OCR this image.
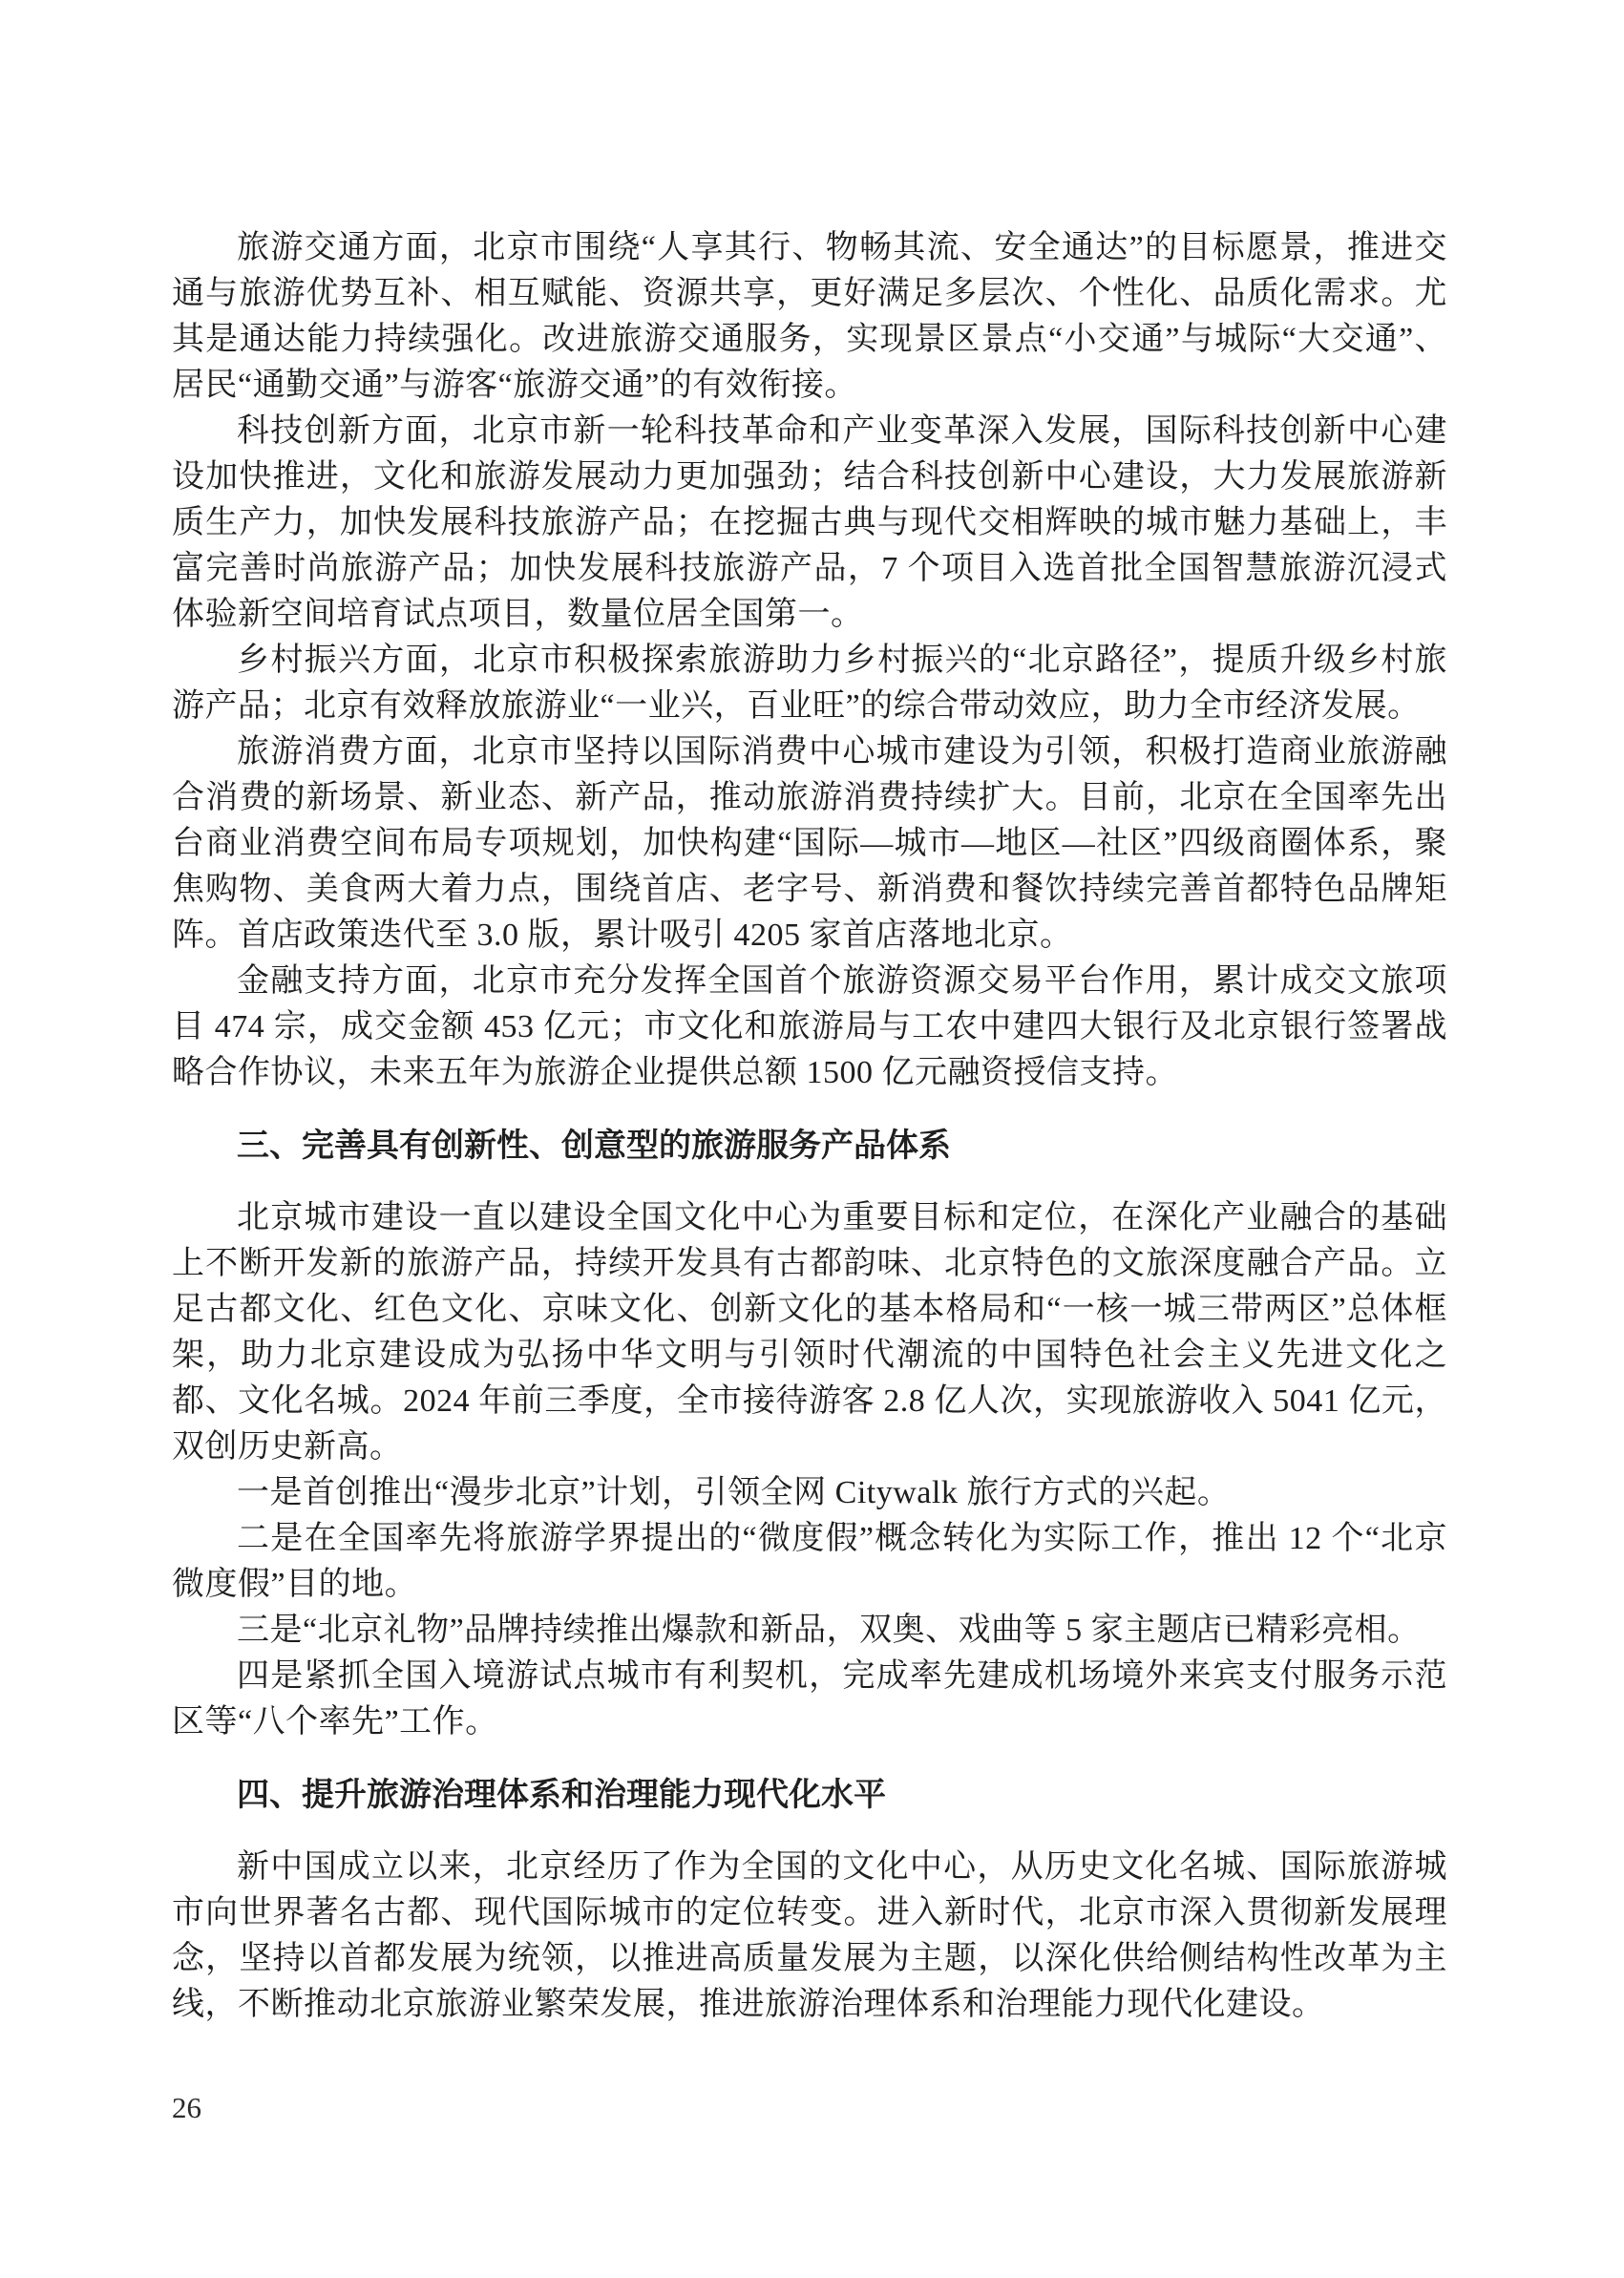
旅游交通方面，北京市围绕“人享其行、物畅其流、安全通达”的目标愿景，推进交通与旅游优势互补、相互赋能、资源共享，更好满足多层次、个性化、品质化需求。尤其是通达能力持续强化。改进旅游交通服务，实现景区景点“小交通”与城际“大交通”、居民“通勤交通”与游客“旅游交通”的有效衔接。

科技创新方面，北京市新一轮科技革命和产业变革深入发展，国际科技创新中心建设加快推进，文化和旅游发展动力更加强劲；结合科技创新中心建设，大力发展旅游新质生产力，加快发展科技旅游产品；在挖掘古典与现代交相辉映的城市魅力基础上，丰富完善时尚旅游产品；加快发展科技旅游产品，7 个项目入选首批全国智慧旅游沉浸式体验新空间培育试点项目，数量位居全国第一。

乡村振兴方面，北京市积极探索旅游助力乡村振兴的“北京路径”，提质升级乡村旅游产品；北京有效释放旅游业“一业兴，百业旺”的综合带动效应，助力全市经济发展。

旅游消费方面，北京市坚持以国际消费中心城市建设为引领，积极打造商业旅游融合消费的新场景、新业态、新产品，推动旅游消费持续扩大。目前，北京在全国率先出台商业消费空间布局专项规划，加快构建“国际—城市—地区—社区”四级商圈体系，聚焦购物、美食两大着力点，围绕首店、老字号、新消费和餐饮持续完善首都特色品牌矩阵。首店政策迭代至 3.0 版，累计吸引 4205 家首店落地北京。

金融支持方面，北京市充分发挥全国首个旅游资源交易平台作用，累计成交文旅项目 474 宗，成交金额 453 亿元；市文化和旅游局与工农中建四大银行及北京银行签署战略合作协议，未来五年为旅游企业提供总额 1500 亿元融资授信支持。

三、完善具有创新性、创意型的旅游服务产品体系

北京城市建设一直以建设全国文化中心为重要目标和定位，在深化产业融合的基础上不断开发新的旅游产品，持续开发具有古都韵味、北京特色的文旅深度融合产品。立足古都文化、红色文化、京味文化、创新文化的基本格局和“一核一城三带两区”总体框架，助力北京建设成为弘扬中华文明与引领时代潮流的中国特色社会主义先进文化之都、文化名城。2024 年前三季度，全市接待游客 2.8 亿人次，实现旅游收入 5041 亿元，双创历史新高。

一是首创推出“漫步北京”计划，引领全网 Citywalk 旅行方式的兴起。

二是在全国率先将旅游学界提出的“微度假”概念转化为实际工作，推出 12 个“北京微度假”目的地。

三是“北京礼物”品牌持续推出爆款和新品，双奥、戏曲等 5 家主题店已精彩亮相。

四是紧抓全国入境游试点城市有利契机，完成率先建成机场境外来宾支付服务示范区等“八个率先”工作。

四、提升旅游治理体系和治理能力现代化水平

新中国成立以来，北京经历了作为全国的文化中心，从历史文化名城、国际旅游城市向世界著名古都、现代国际城市的定位转变。进入新时代，北京市深入贯彻新发展理念，坚持以首都发展为统领，以推进高质量发展为主题，以深化供给侧结构性改革为主线，不断推动北京旅游业繁荣发展，推进旅游治理体系和治理能力现代化建设。

26
